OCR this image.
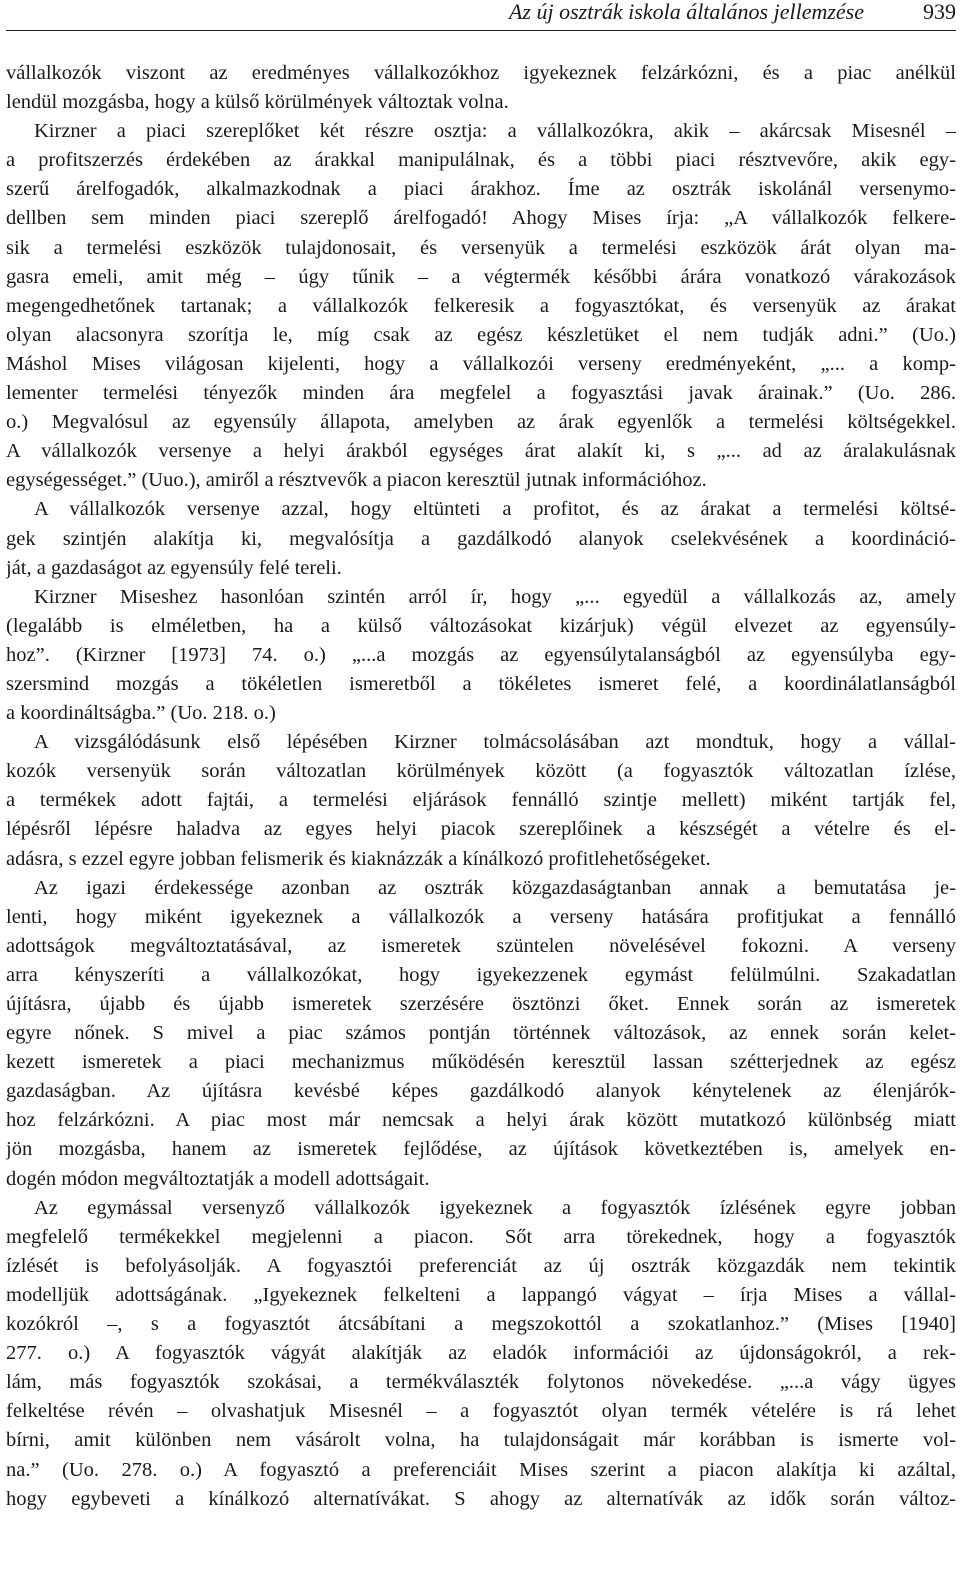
Az új osztrák iskola általános jellemzése	939
vállalkozók viszont az eredményes vállalkozókhoz igyekeznek felzárkózni, és a piac anélkül
lendül mozgásba, hogy a külső körülmények változtak volna.
Kirzner a piaci szereplőket két részre osztja: a vállalkozókra, akik – akárcsak Misesnél –
a profitszerzés érdekében az árakkal manipulálnak, és a többi piaci résztvevőre, akik egy-
szerű árelfogadók, alkalmazkodnak a piaci árakhoz. Íme az osztrák iskolánál versenymo-
dellben sem minden piaci szereplő árelfogadó! Ahogy Mises írja: „A vállalkozók felkere-
sik a termelési eszközök tulajdonosait, és versenyük a termelési eszközök árát olyan ma-
gasra emeli, amit még – úgy tűnik – a végtermék későbbi árára vonatkozó várakozások
megengedhetőnek tartanak; a vállalkozók felkeresik a fogyasztókat, és versenyük az árakat
olyan alacsonyra szorítja le, míg csak az egész készletüket el nem tudják adni.” (Uo.)
Máshol Mises világosan kijelenti, hogy a vállalkozói verseny eredményeként, „... a komp-
lementer termelési tényezők minden ára megfelel a fogyasztási javak árainak.” (Uo. 286.
o.) Megvalósul az egyensúly állapota, amelyben az árak egyenlők a termelési költségekkel.
A vállalkozók versenye a helyi árakból egységes árat alakít ki, s „... ad az áralakulásnak
egységességet.” (Uuo.), amiről a résztvevők a piacon keresztül jutnak információhoz.
A vállalkozók versenye azzal, hogy eltünteti a profitot, és az árakat a termelési költsé-
gek szintjén alakítja ki, megvalósítja a gazdálkodó alanyok cselekvésének a koordináció-
ját, a gazdaságot az egyensúly felé tereli.
Kirzner Miseshez hasonlóan szintén arról ír, hogy „... egyedül a vállalkozás az, amely
(legalább is elméletben, ha a külső változásokat kizárjuk) végül elvezet az egyensúly-
hoz”. (Kirzner [1973] 74. o.) „...a mozgás az egyensúlytalanságból az egyensúlyba egy-
szersmind mozgás a tökéletlen ismeretből a tökéletes ismeret felé, a koordinálatlanságból
a koordináltságba.” (Uo. 218. o.)
A vizsgálódásunk első lépésében Kirzner tolmácsolásában azt mondtuk, hogy a vállal-
kozók versenyük során változatlan körülmények között (a fogyasztók változatlan ízlése,
a termékek adott fajtái, a termelési eljárások fennálló szintje mellett) miként tartják fel,
lépésről lépésre haladva az egyes helyi piacok szereplőinek a készségét a vételre és el-
adásra, s ezzel egyre jobban felismerik és kiaknázzák a kínálkozó profitlehetőségeket.
Az igazi érdekessége azonban az osztrák közgazdaságtanban annak a bemutatása je-
lenti, hogy miként igyekeznek a vállalkozók a verseny hatására profitjukat a fennálló
adottságok megváltoztatásával, az ismeretek szüntelen növelésével fokozni. A verseny
arra kényszeríti a vállalkozókat, hogy igyekezzenek egymást felülmúlni. Szakadatlan
újításra, újabb és újabb ismeretek szerzésére ösztönzi őket. Ennek során az ismeretek
egyre nőnek. S mivel a piac számos pontján történnek változások, az ennek során kelet-
kezett ismeretek a piaci mechanizmus működésén keresztül lassan szétterjednek az egész
gazdaságban. Az újításra kevésbé képes gazdálkodó alanyok kénytelenek az élenjárók-
hoz felzárkózni. A piac most már nemcsak a helyi árak között mutatkozó különbség miatt
jön mozgásba, hanem az ismeretek fejlődése, az újítások következtében is, amelyek en-
dogén módon megváltoztatják a modell adottságait.
Az egymással versenyző vállalkozók igyekeznek a fogyasztók ízlésének egyre jobban
megfelelő termékekkel megjelenni a piacon. Sőt arra törekednek, hogy a fogyasztók
ízlését is befolyásolják. A fogyasztói preferenciát az új osztrák közgazdák nem tekintik
modelljük adottságának. „Igyekeznek felkelteni a lappangó vágyat – írja Mises a vállal-
kozókról –, s a fogyasztót átcsábítani a megszokottól a szokatlanhoz.” (Mises [1940]
277. o.) A fogyasztók vágyát alakítják az eladók információi az újdonságokról, a rek-
lám, más fogyasztók szokásai, a termékválaszték folytonos növekedése. „...a vágy ügyes
felkeltése révén – olvashatjuk Misesnél – a fogyasztót olyan termék vételére is rá lehet
bírni, amit különben nem vásárolt volna, ha tulajdonságait már korábban is ismerte vol-
na.” (Uo. 278. o.) A fogyasztó a preferenciáit Mises szerint a piacon alakítja ki azáltal,
hogy egybeveti a kínálkozó alternatívákat. S ahogy az alternatívák az idők során változ-
